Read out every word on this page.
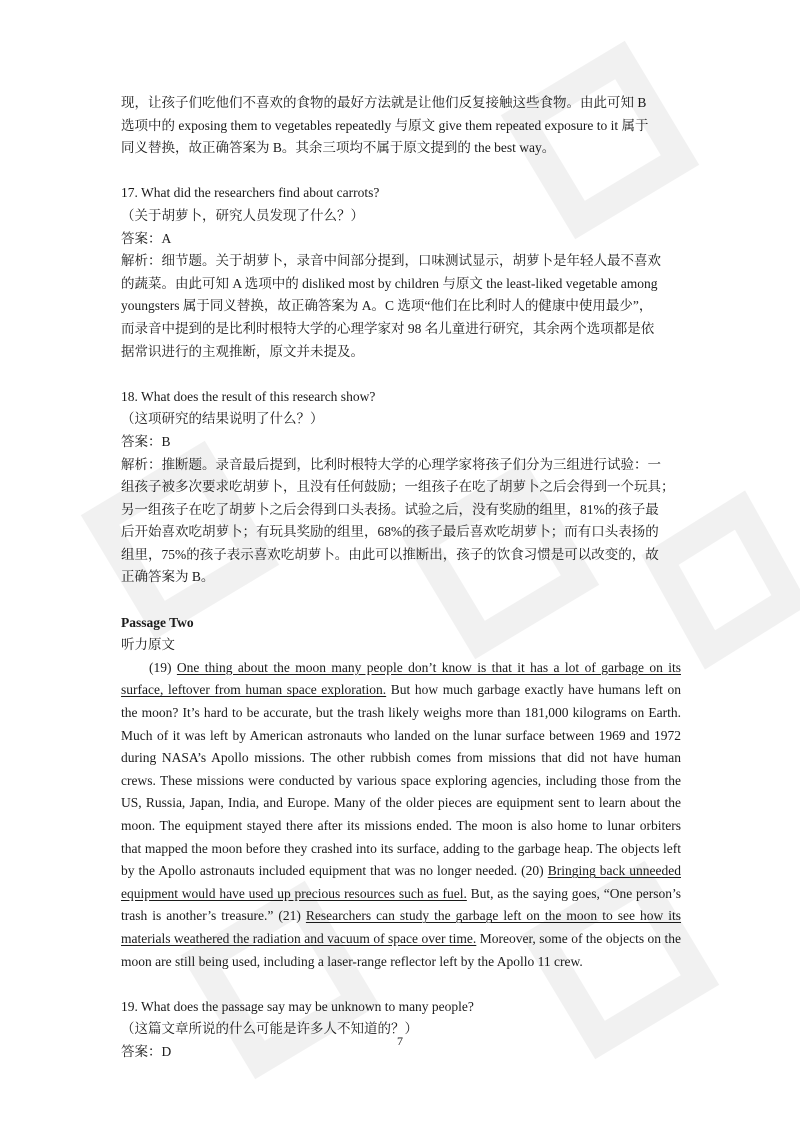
现，让孩子们吃他们不喜欢的食物的最好方法就是让他们反复接触这些食物。由此可知 B

选项中的 exposing them to vegetables repeatedly 与原文 give them repeated exposure to it 属于

同义替换，故正确答案为 B。其余三项均不属于原文提到的 the best way。

17. What did the researchers find about carrots?

（关于胡萝卜，研究人员发现了什么？）

答案：A

解析：细节题。关于胡萝卜，录音中间部分提到，口味测试显示，胡萝卜是年轻人最不喜欢

的蔬菜。由此可知 A 选项中的 disliked most by children 与原文 the least-liked vegetable among

youngsters 属于同义替换，故正确答案为 A。C 选项“他们在比利时人的健康中使用最少”，

而录音中提到的是比利时根特大学的心理学家对 98 名儿童进行研究，其余两个选项都是依

据常识进行的主观推断，原文并未提及。

18. What does the result of this research show?

（这项研究的结果说明了什么？）

答案：B

解析：推断题。录音最后提到，比利时根特大学的心理学家将孩子们分为三组进行试验：一

组孩子被多次要求吃胡萝卜，且没有任何鼓励；一组孩子在吃了胡萝卜之后会得到一个玩具；

另一组孩子在吃了胡萝卜之后会得到口头表扬。试验之后，没有奖励的组里，81%的孩子最

后开始喜欢吃胡萝卜；有玩具奖励的组里，68%的孩子最后喜欢吃胡萝卜；而有口头表扬的

组里，75%的孩子表示喜欢吃胡萝卜。由此可以推断出，孩子的饮食习惯是可以改变的，故

正确答案为 B。

Passage Two

听力原文

(19) One thing about the moon many people don’t know is that it has a lot of garbage on its surface, leftover from human space exploration. But how much garbage exactly have humans left on the moon? It’s hard to be accurate, but the trash likely weighs more than 181,000 kilograms on Earth. Much of it was left by American astronauts who landed on the lunar surface between 1969 and 1972 during NASA’s Apollo missions. The other rubbish comes from missions that did not have human crews. These missions were conducted by various space exploring agencies, including those from the US, Russia, Japan, India, and Europe. Many of the older pieces are equipment sent to learn about the moon. The equipment stayed there after its missions ended. The moon is also home to lunar orbiters that mapped the moon before they crashed into its surface, adding to the garbage heap. The objects left by the Apollo astronauts included equipment that was no longer needed. (20) Bringing back unneeded equipment would have used up precious resources such as fuel. But, as the saying goes, “One person’s trash is another’s treasure.” (21) Researchers can study the garbage left on the moon to see how its materials weathered the radiation and vacuum of space over time. Moreover, some of the objects on the moon are still being used, including a laser-range reflector left by the Apollo 11 crew.

19. What does the passage say may be unknown to many people?

（这篇文章所说的什么可能是许多人不知道的？）

答案：D

7
